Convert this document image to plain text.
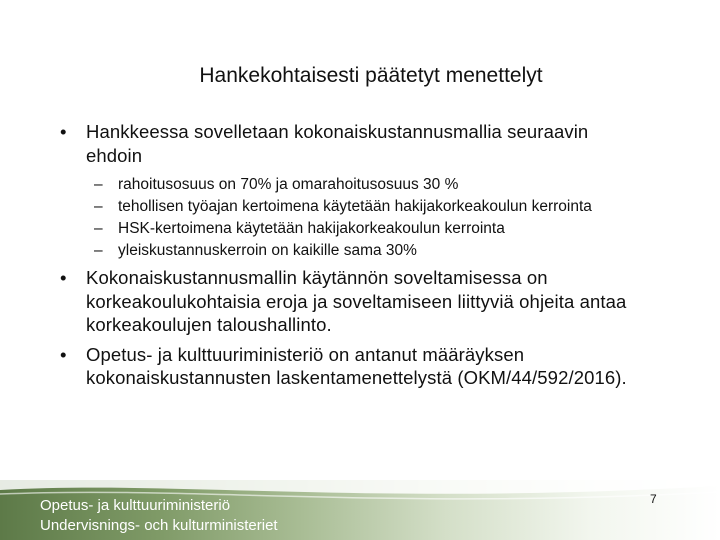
Hankekohtaisesti päätetyt menettelyt
• Hankkeessa sovelletaan kokonaiskustannusmallia seuraavin ehdoin
– rahoitusosuus on 70% ja omarahoitusosuus 30 %
– tehollisen työajan kertoimena käytetään hakijakorkeakoulun kerrointa
– HSK-kertoimena käytetään hakijakorkeakoulun kerrointa
– yleiskustannuskerroin on kaikille sama 30%
• Kokonaiskustannusmallin käytännön soveltamisessa on korkeakoulukohtaisia eroja ja soveltamiseen liittyviä ohjeita antaa korkeakoulujen taloushallinto.
• Opetus- ja kulttuuriministeriö on antanut määräyksen kokonaiskustannusten laskentamenettelystä (OKM/44/592/2016).
Opetus- ja kulttuuriministeriö
Undervisnings- och kulturministeriet
7
